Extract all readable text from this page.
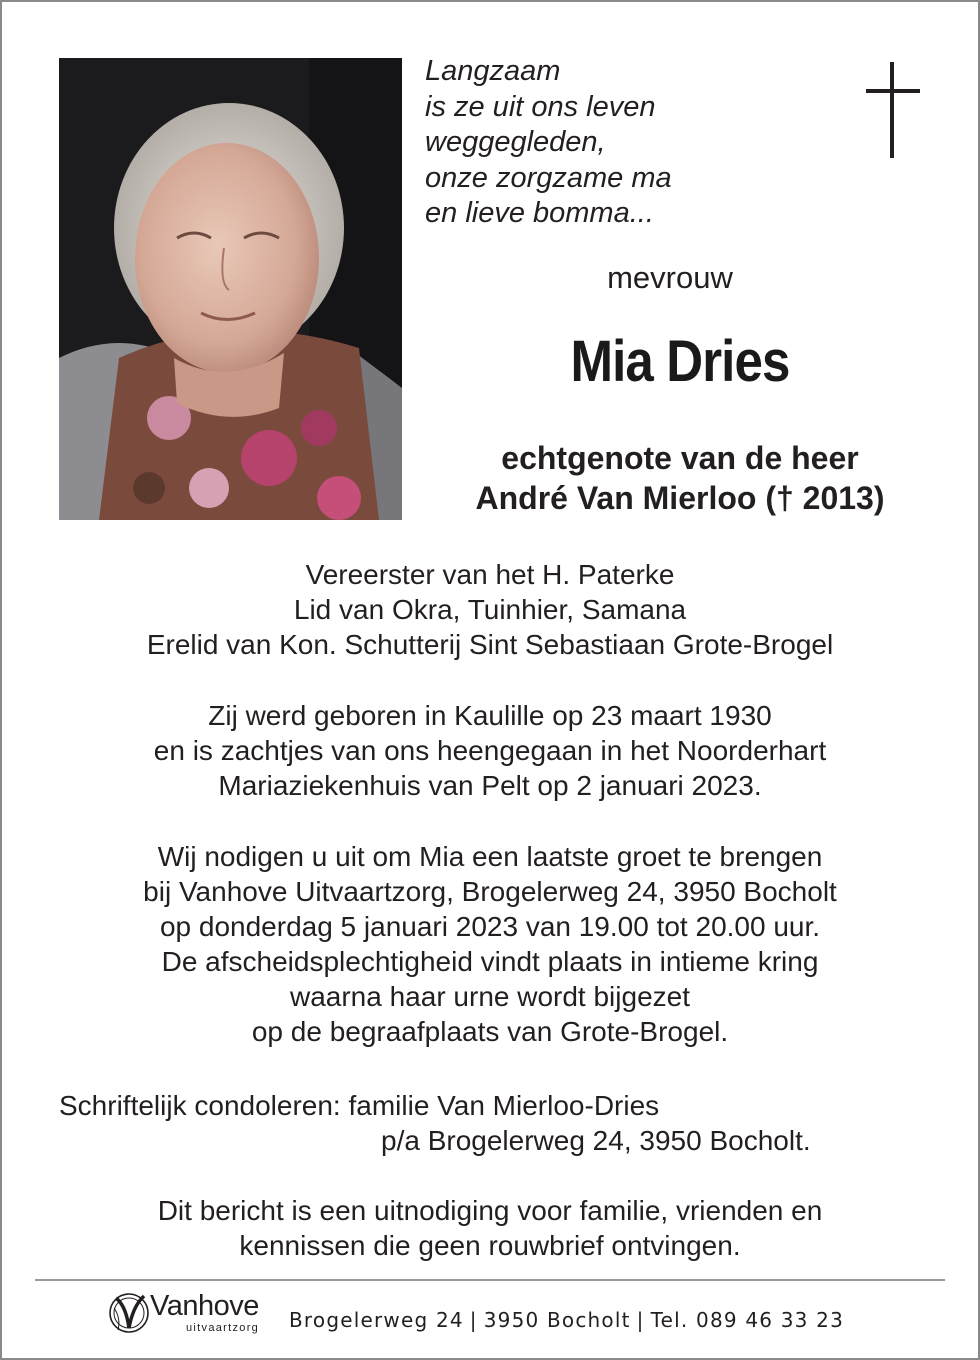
Langzaam
is ze uit ons leven
weggegleden,
onze zorgzame ma
en lieve bomma...
mevrouw
Mia Dries
echtgenote van de heer
André Van Mierloo († 2013)
Vereerster van het H. Paterke
Lid van Okra, Tuinhier, Samana
Erelid van Kon. Schutterij Sint Sebastiaan Grote-Brogel
Zij werd geboren in Kaulille op 23 maart 1930
en is zachtjes van ons heengegaan in het Noorderhart
Mariaziekenhuis van Pelt op 2 januari 2023.
Wij nodigen u uit om Mia een laatste groet te brengen
bij Vanhove Uitvaartzorg, Brogelerweg 24, 3950 Bocholt
op donderdag 5 januari 2023 van 19.00 tot 20.00 uur.
De afscheidsplechtigheid vindt plaats in intieme kring
waarna haar urne wordt bijgezet
op de begraafplaats van Grote-Brogel.
Schriftelijk condoleren: familie Van Mierloo-Dries
p/a Brogelerweg 24, 3950 Bocholt.
Dit bericht is een uitnodiging voor familie, vrienden en
kennissen die geen rouwbrief ontvingen.
Vanhove
uitvaartzorg Brogelerweg 24 | 3950 Bocholt | Tel. 089 46 33 23
